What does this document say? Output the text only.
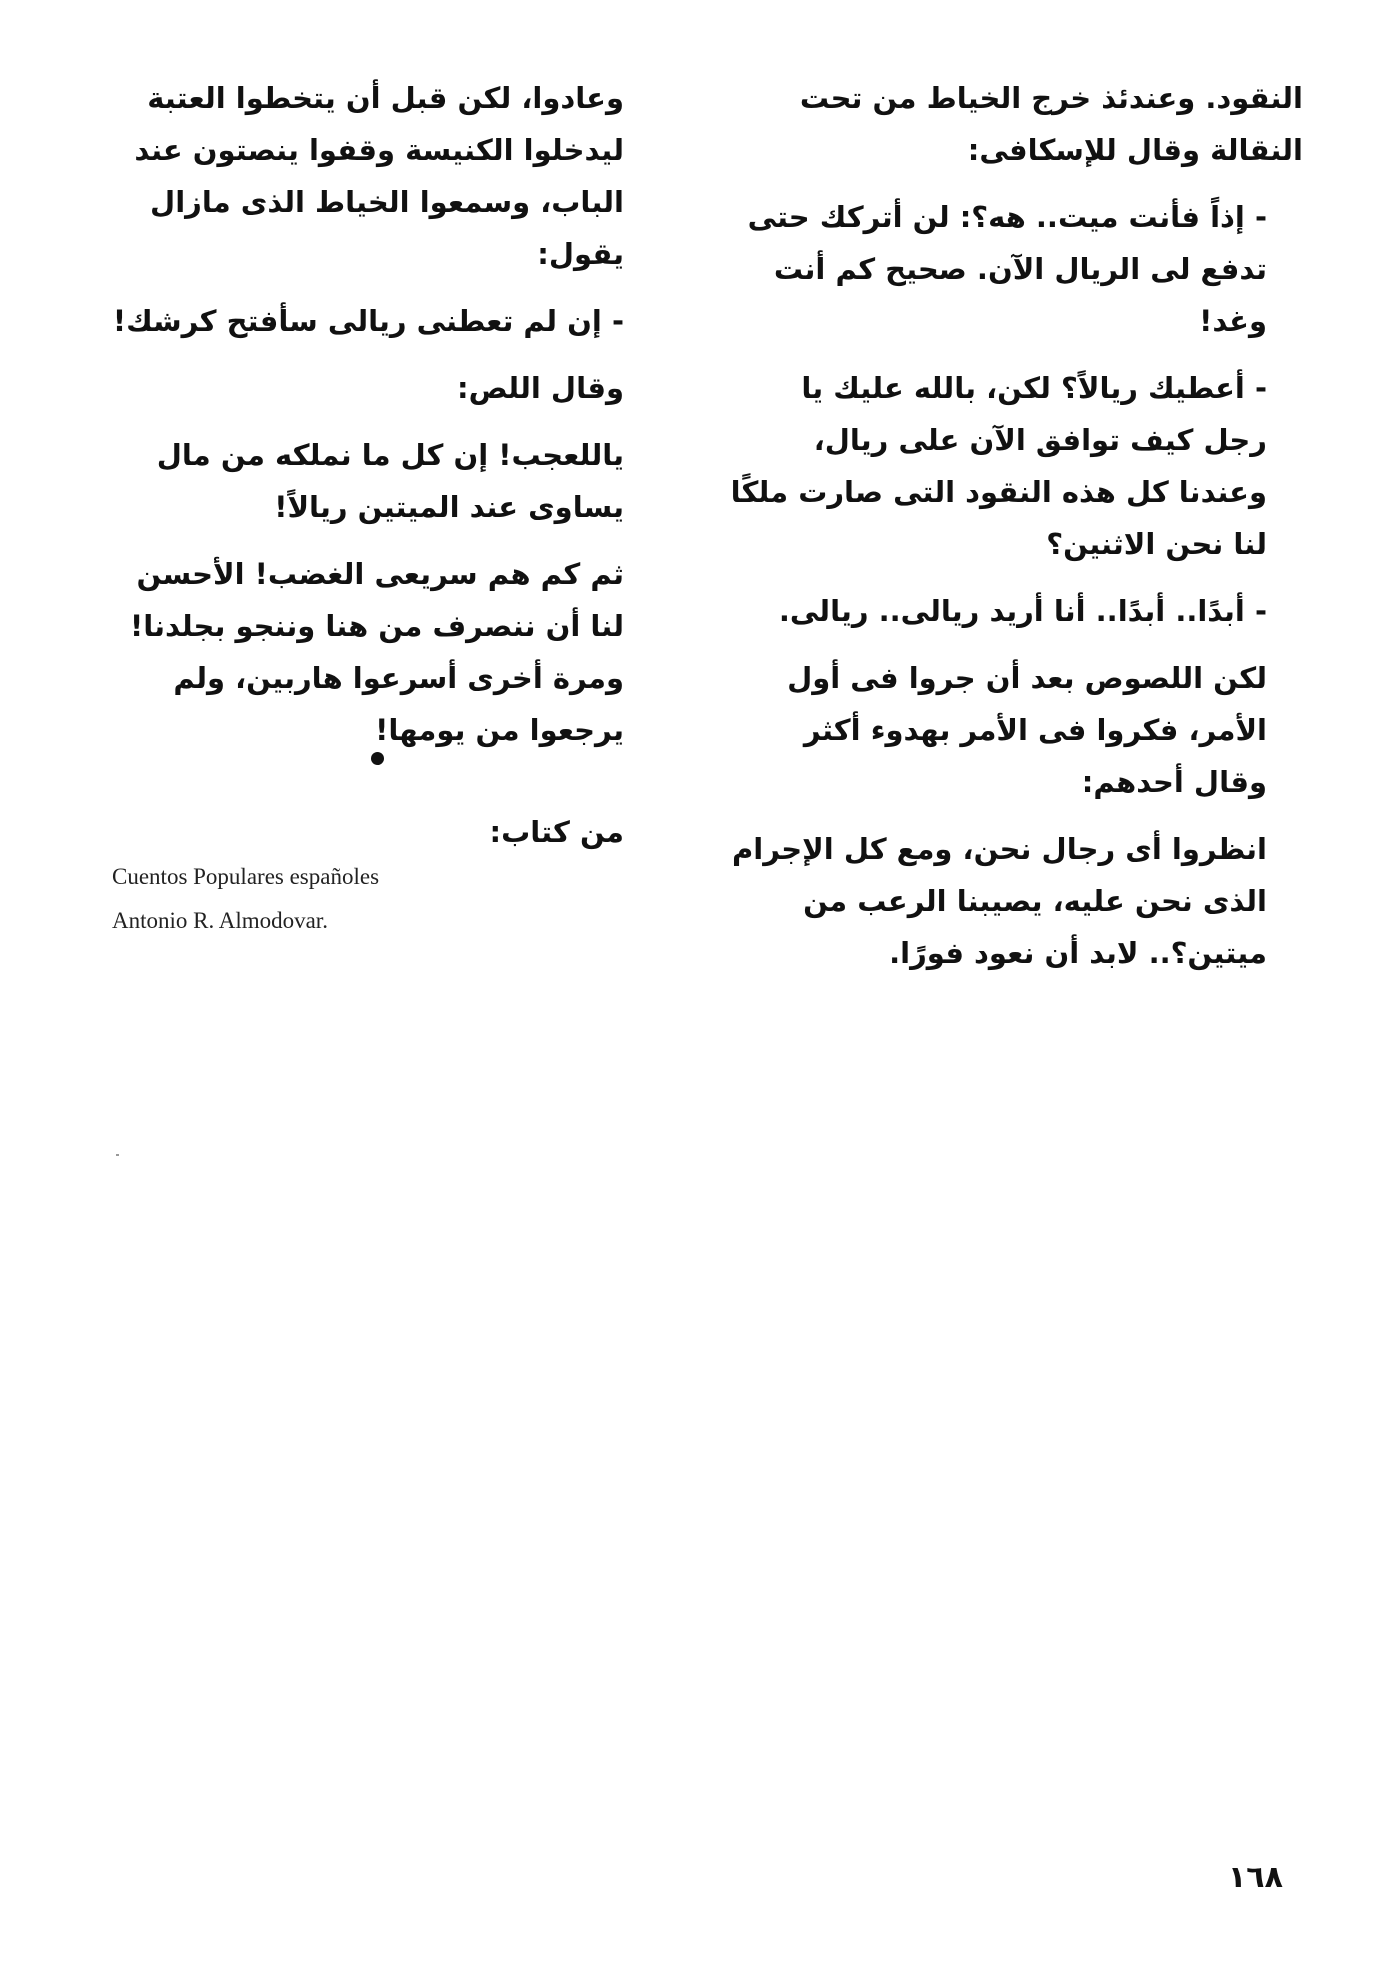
النقود. وعندئذ خرج الخياط من تحت النقالة وقال للإسكافى:

- إذاً فأنت ميت.. هه؟: لن أتركك حتى تدفع لى الريال الآن. صحيح كم أنت وغد!

- أعطيك ريالاً؟ لكن، بالله عليك يا رجل كيف توافق الآن على ريال، وعندنا كل هذه النقود التى صارت ملكًا لنا نحن الاثنين؟

- أبدًا.. أبدًا.. أنا أريد ريالى.. ريالى.

لكن اللصوص بعد أن جروا فى أول الأمر، فكروا فى الأمر بهدوء أكثر وقال أحدهم:

انظروا أى رجال نحن، ومع كل الإجرام الذى نحن عليه، يصيبنا الرعب من ميتين؟.. لابد أن نعود فورًا.

وعادوا، لكن قبل أن يتخطوا العتبة ليدخلوا الكنيسة وقفوا ينصتون عند الباب، وسمعوا الخياط الذى مازال يقول:

- إن لم تعطنى ريالى سأفتح كرشك!

وقال اللص:

ياللعجب! إن كل ما نملكه من مال يساوى عند الميتين ريالاً!

ثم كم هم سريعى الغضب! الأحسن لنا أن ننصرف من هنا وننجو بجلدنا! ومرة أخرى أسرعوا هاربين، ولم يرجعوا من يومها!

من كتاب:
Cuentos Populares españoles
Antonio R. Almodovar.
١٦٨
